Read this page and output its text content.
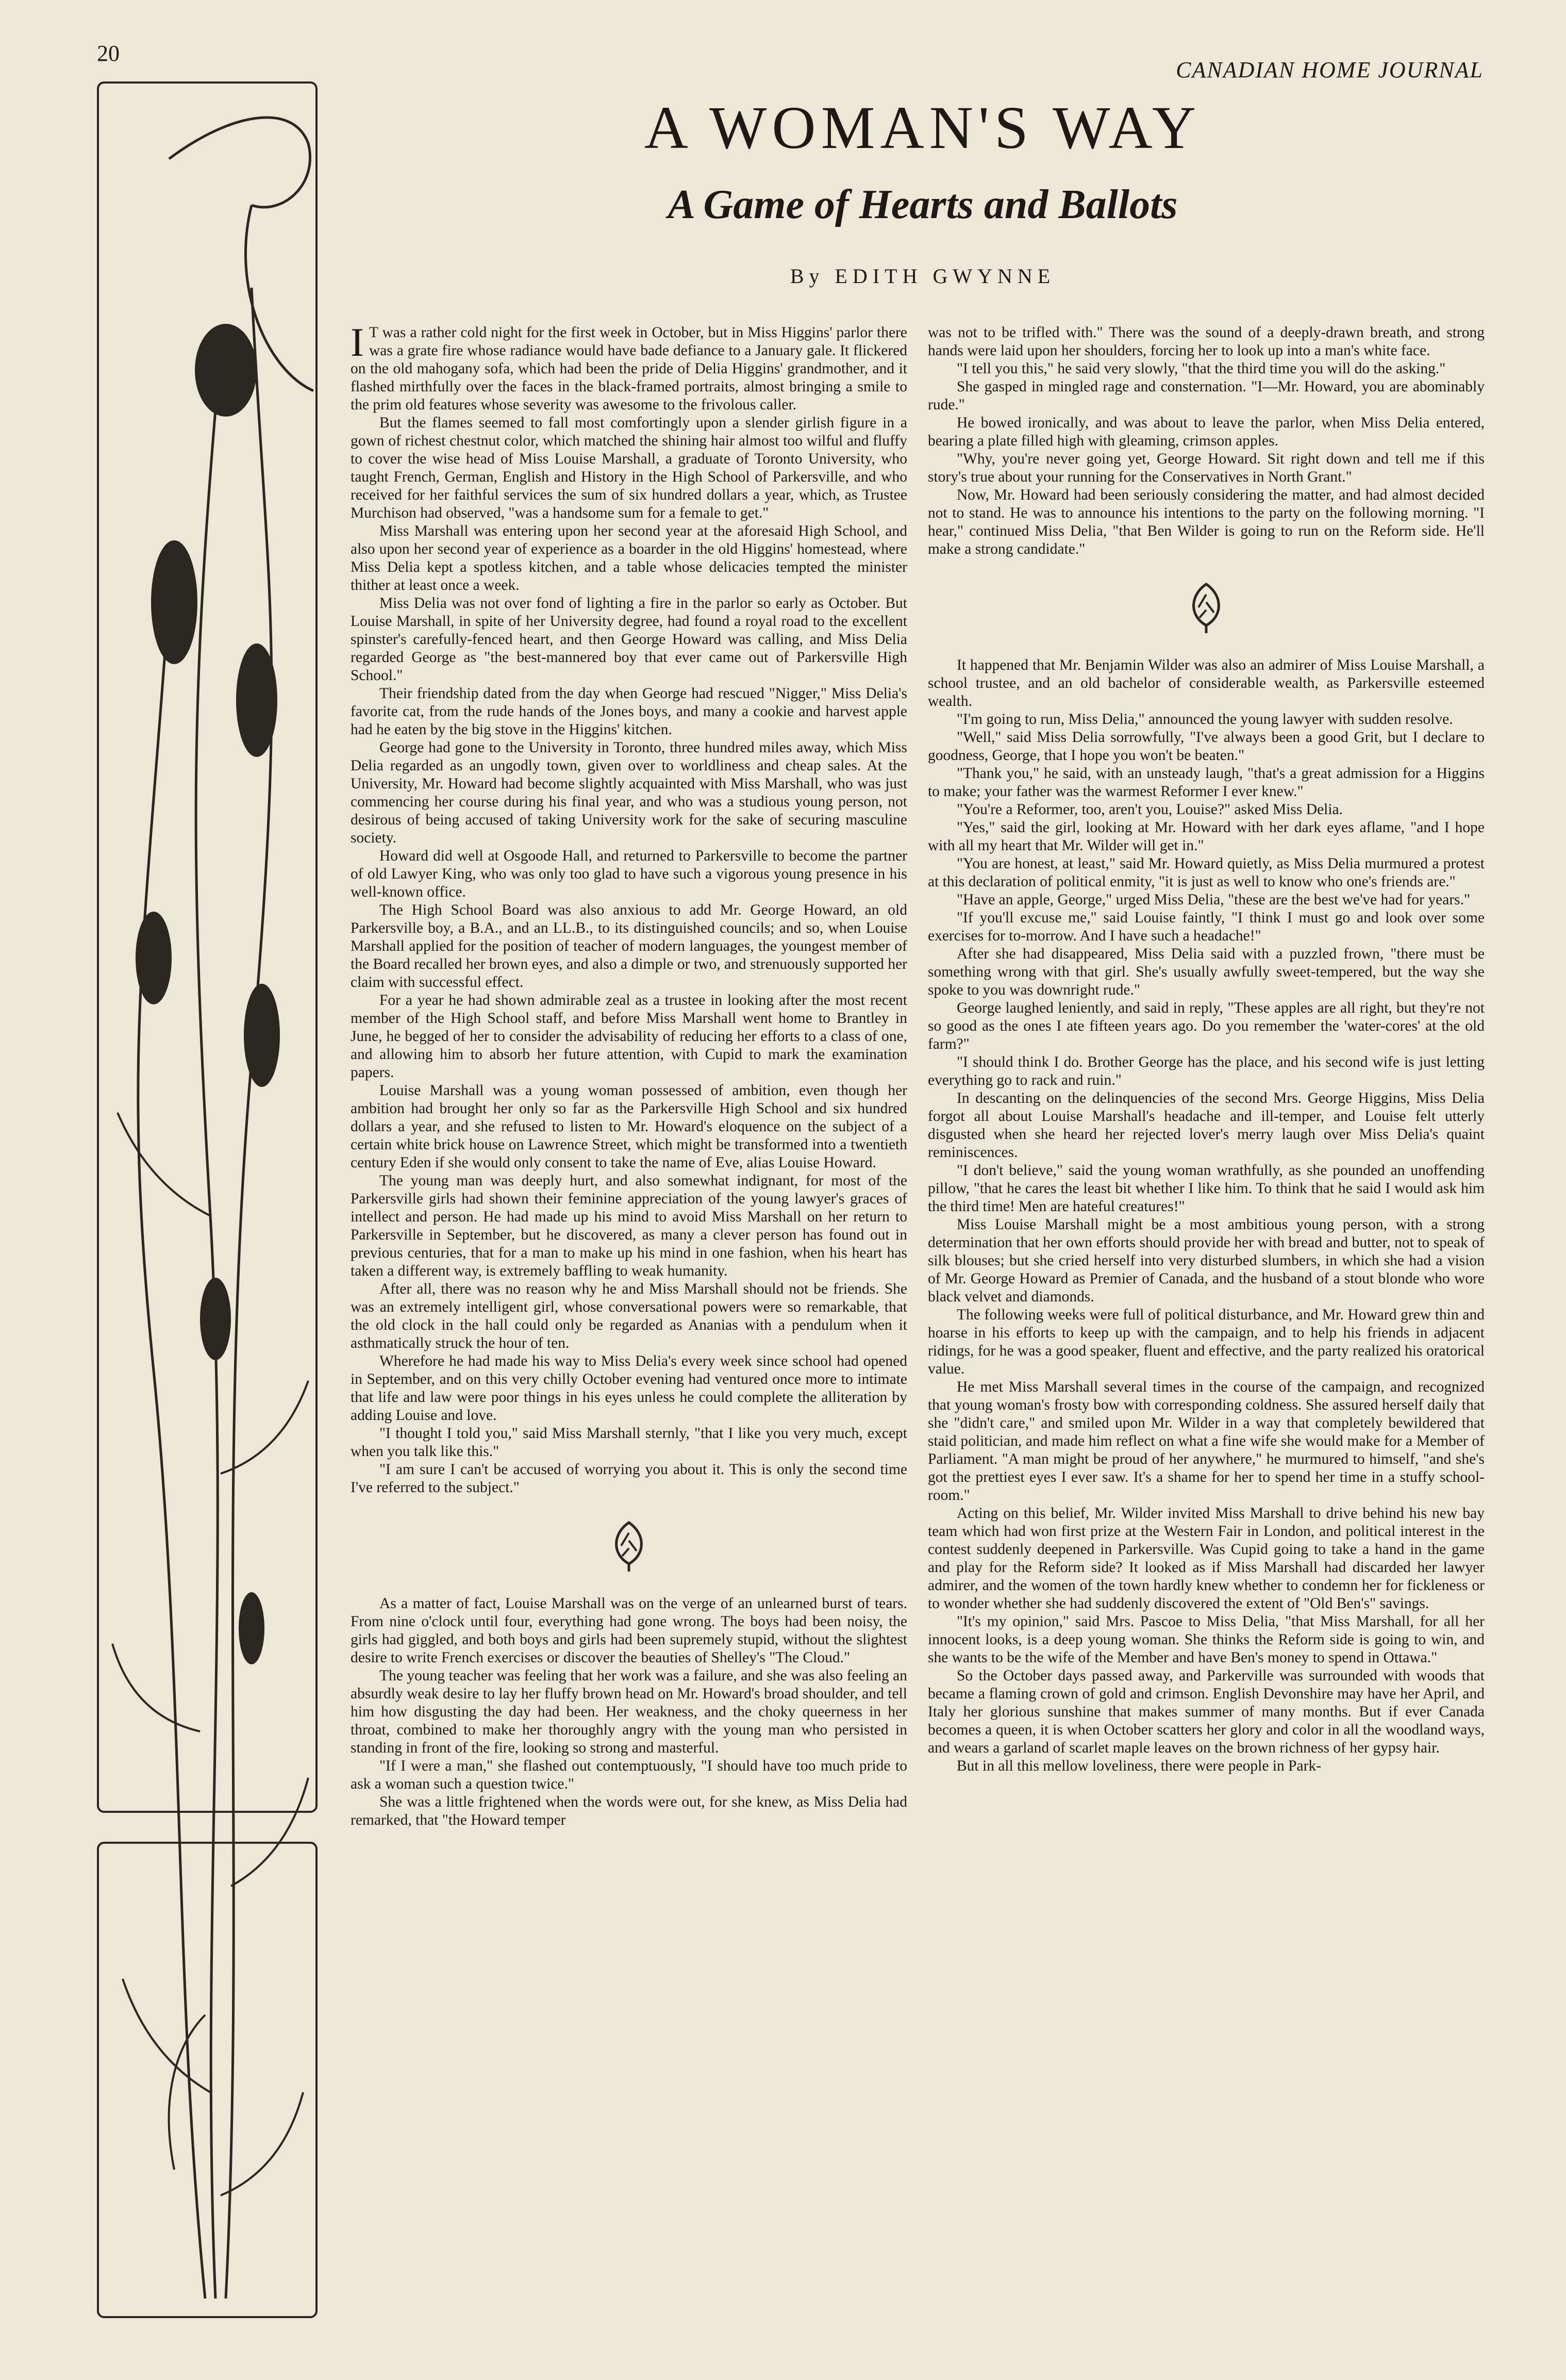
20
CANADIAN HOME JOURNAL
A WOMAN'S WAY
A Game of Hearts and Ballots
By EDITH GWYNNE

I T was a rather cold night for the first week in October, but in Miss Higgins' parlor there was a grate fire whose radiance would have bade defiance to a January gale. It flickered on the old mahogany sofa, which had been the pride of Delia Higgins' grandmother, and it flashed mirthfully over the faces in the black-framed portraits, almost bringing a smile to the prim old features whose severity was awesome to the frivolous caller.

But the flames seemed to fall most comfortingly upon a slender girlish figure in a gown of richest chestnut color, which matched the shining hair almost too wilful and fluffy to cover the wise head of Miss Louise Marshall, a graduate of Toronto University, who taught French, German, English and History in the High School of Parkersville, and who received for her faithful services the sum of six hundred dollars a year, which, as Trustee Murchison had observed, "was a handsome sum for a female to get."

Miss Marshall was entering upon her second year at the aforesaid High School, and also upon her second year of experience as a boarder in the old Higgins' homestead, where Miss Delia kept a spotless kitchen, and a table whose delicacies tempted the minister thither at least once a week.

Miss Delia was not over fond of lighting a fire in the parlor so early as October. But Louise Marshall, in spite of her University degree, had found a royal road to the excellent spinster's carefully-fenced heart, and then George Howard was calling, and Miss Delia regarded George as "the best-mannered boy that ever came out of Parkersville High School."

Their friendship dated from the day when George had rescued "Nigger," Miss Delia's favorite cat, from the rude hands of the Jones boys, and many a cookie and harvest apple had he eaten by the big stove in the Higgins' kitchen.

George had gone to the University in Toronto, three hundred miles away, which Miss Delia regarded as an ungodly town, given over to worldliness and cheap sales. At the University, Mr. Howard had become slightly acquainted with Miss Marshall, who was just commencing her course during his final year, and who was a studious young person, not desirous of being accused of taking University work for the sake of securing masculine society.

Howard did well at Osgoode Hall, and returned to Parkersville to become the partner of old Lawyer King, who was only too glad to have such a vigorous young presence in his well-known office.

The High School Board was also anxious to add Mr. George Howard, an old Parkersville boy, a B.A., and an LL.B., to its distinguished councils; and so, when Louise Marshall applied for the position of teacher of modern languages, the youngest member of the Board recalled her brown eyes, and also a dimple or two, and strenuously supported her claim with successful effect.

For a year he had shown admirable zeal as a trustee in looking after the most recent member of the High School staff, and before Miss Marshall went home to Brantley in June, he begged of her to consider the advisability of reducing her efforts to a class of one, and allowing him to absorb her future attention, with Cupid to mark the examination papers.

Louise Marshall was a young woman possessed of ambition, even though her ambition had brought her only so far as the Parkersville High School and six hundred dollars a year, and she refused to listen to Mr. Howard's eloquence on the subject of a certain white brick house on Lawrence Street, which might be transformed into a twentieth century Eden if she would only consent to take the name of Eve, alias Louise Howard.

The young man was deeply hurt, and also somewhat indignant, for most of the Parkersville girls had shown their feminine appreciation of the young lawyer's graces of intellect and person. He had made up his mind to avoid Miss Marshall on her return to Parkersville in September, but he discovered, as many a clever person has found out in previous centuries, that for a man to make up his mind in one fashion, when his heart has taken a different way, is extremely baffling to weak humanity.

After all, there was no reason why he and Miss Marshall should not be friends. She was an extremely intelligent girl, whose conversational powers were so remarkable, that the old clock in the hall could only be regarded as Ananias with a pendulum when it asthmatically struck the hour of ten.

Wherefore he had made his way to Miss Delia's every week since school had opened in September, and on this very chilly October evening had ventured once more to intimate that life and law were poor things in his eyes unless he could complete the alliteration by adding Louise and love.

"I thought I told you," said Miss Marshall sternly, "that I like you very much, except when you talk like this."

"I am sure I can't be accused of worrying you about it. This is only the second time I've referred to the subject."

As a matter of fact, Louise Marshall was on the verge of an unlearned burst of tears. From nine o'clock until four, everything had gone wrong. The boys had been noisy, the girls had giggled, and both boys and girls had been supremely stupid, without the slightest desire to write French exercises or discover the beauties of Shelley's "The Cloud."

The young teacher was feeling that her work was a failure, and she was also feeling an absurdly weak desire to lay her fluffy brown head on Mr. Howard's broad shoulder, and tell him how disgusting the day had been. Her weakness, and the choky queerness in her throat, combined to make her thoroughly angry with the young man who persisted in standing in front of the fire, looking so strong and masterful.

"If I were a man," she flashed out contemptuously, "I should have too much pride to ask a woman such a question twice."

She was a little frightened when the words were out, for she knew, as Miss Delia had remarked, that "the Howard temper

was not to be trifled with." There was the sound of a deeply-drawn breath, and strong hands were laid upon her shoulders, forcing her to look up into a man's white face.

"I tell you this," he said very slowly, "that the third time you will do the asking."

She gasped in mingled rage and consternation. "I—Mr. Howard, you are abominably rude."

He bowed ironically, and was about to leave the parlor, when Miss Delia entered, bearing a plate filled high with gleaming, crimson apples.

"Why, you're never going yet, George Howard. Sit right down and tell me if this story's true about your running for the Conservatives in North Grant."

Now, Mr. Howard had been seriously considering the matter, and had almost decided not to stand. He was to announce his intentions to the party on the following morning. "I hear," continued Miss Delia, "that Ben Wilder is going to run on the Reform side. He'll make a strong candidate."

It happened that Mr. Benjamin Wilder was also an admirer of Miss Louise Marshall, a school trustee, and an old bachelor of considerable wealth, as Parkersville esteemed wealth.

"I'm going to run, Miss Delia," announced the young lawyer with sudden resolve.

"Well," said Miss Delia sorrowfully, "I've always been a good Grit, but I declare to goodness, George, that I hope you won't be beaten."

"Thank you," he said, with an unsteady laugh, "that's a great admission for a Higgins to make; your father was the warmest Reformer I ever knew."

"You're a Reformer, too, aren't you, Louise?" asked Miss Delia.

"Yes," said the girl, looking at Mr. Howard with her dark eyes aflame, "and I hope with all my heart that Mr. Wilder will get in."

"You are honest, at least," said Mr. Howard quietly, as Miss Delia murmured a protest at this declaration of political enmity, "it is just as well to know who one's friends are."

"Have an apple, George," urged Miss Delia, "these are the best we've had for years."

"If you'll excuse me," said Louise faintly, "I think I must go and look over some exercises for to-morrow. And I have such a headache!"

After she had disappeared, Miss Delia said with a puzzled frown, "there must be something wrong with that girl. She's usually awfully sweet-tempered, but the way she spoke to you was downright rude."

George laughed leniently, and said in reply, "These apples are all right, but they're not so good as the ones I ate fifteen years ago. Do you remember the 'water-cores' at the old farm?"

"I should think I do. Brother George has the place, and his second wife is just letting everything go to rack and ruin."

In descanting on the delinquencies of the second Mrs. George Higgins, Miss Delia forgot all about Louise Marshall's headache and ill-temper, and Louise felt utterly disgusted when she heard her rejected lover's merry laugh over Miss Delia's quaint reminiscences.

"I don't believe," said the young woman wrathfully, as she pounded an unoffending pillow, "that he cares the least bit whether I like him. To think that he said I would ask him the third time! Men are hateful creatures!"

Miss Louise Marshall might be a most ambitious young person, with a strong determination that her own efforts should provide her with bread and butter, not to speak of silk blouses; but she cried herself into very disturbed slumbers, in which she had a vision of Mr. George Howard as Premier of Canada, and the husband of a stout blonde who wore black velvet and diamonds.

The following weeks were full of political disturbance, and Mr. Howard grew thin and hoarse in his efforts to keep up with the campaign, and to help his friends in adjacent ridings, for he was a good speaker, fluent and effective, and the party realized his oratorical value.

He met Miss Marshall several times in the course of the campaign, and recognized that young woman's frosty bow with corresponding coldness. She assured herself daily that she "didn't care," and smiled upon Mr. Wilder in a way that completely bewildered that staid politician, and made him reflect on what a fine wife she would make for a Member of Parliament. "A man might be proud of her anywhere," he murmured to himself, "and she's got the prettiest eyes I ever saw. It's a shame for her to spend her time in a stuffy school-room."

Acting on this belief, Mr. Wilder invited Miss Marshall to drive behind his new bay team which had won first prize at the Western Fair in London, and political interest in the contest suddenly deepened in Parkersville. Was Cupid going to take a hand in the game and play for the Reform side? It looked as if Miss Marshall had discarded her lawyer admirer, and the women of the town hardly knew whether to condemn her for fickleness or to wonder whether she had suddenly discovered the extent of "Old Ben's" savings.

"It's my opinion," said Mrs. Pascoe to Miss Delia, "that Miss Marshall, for all her innocent looks, is a deep young woman. She thinks the Reform side is going to win, and she wants to be the wife of the Member and have Ben's money to spend in Ottawa."

So the October days passed away, and Parkerville was surrounded with woods that became a flaming crown of gold and crimson. English Devonshire may have her April, and Italy her glorious sunshine that makes summer of many months. But if ever Canada becomes a queen, it is when October scatters her glory and color in all the woodland ways, and wears a garland of scarlet maple leaves on the brown richness of her gypsy hair.

But in all this mellow loveliness, there were people in Park-
